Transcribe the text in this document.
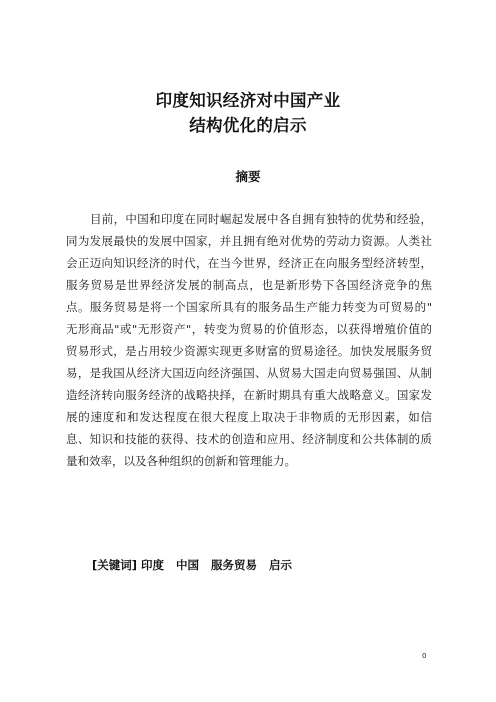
印度知识经济对中国产业
结构优化的启示
摘要
目前，中国和印度在同时崛起发展中各自拥有独特的优势和经验，
同为发展最快的发展中国家，并且拥有绝对优势的劳动力资源。人类社
会正迈向知识经济的时代，在当今世界，经济正在向服务型经济转型，
服务贸易是世界经济发展的制高点，也是新形势下各国经济竞争的焦
点。服务贸易是将一个国家所具有的服务品生产能力转变为可贸易的"
无形商品"或"无形资产"，转变为贸易的价值形态，以获得增殖价值的
贸易形式，是占用较少资源实现更多财富的贸易途径。加快发展服务贸
易，是我国从经济大国迈向经济强国、从贸易大国走向贸易强国、从制
造经济转向服务经济的战略抉择，在新时期具有重大战略意义。国家发
展的速度和和发达程度在很大程度上取决于非物质的无形因素，如信
息、知识和技能的获得、技术的创造和应用、经济制度和公共体制的质
量和效率，以及各种组织的创新和管理能力。
[关键词] 印度   中国   服务贸易   启示
0
